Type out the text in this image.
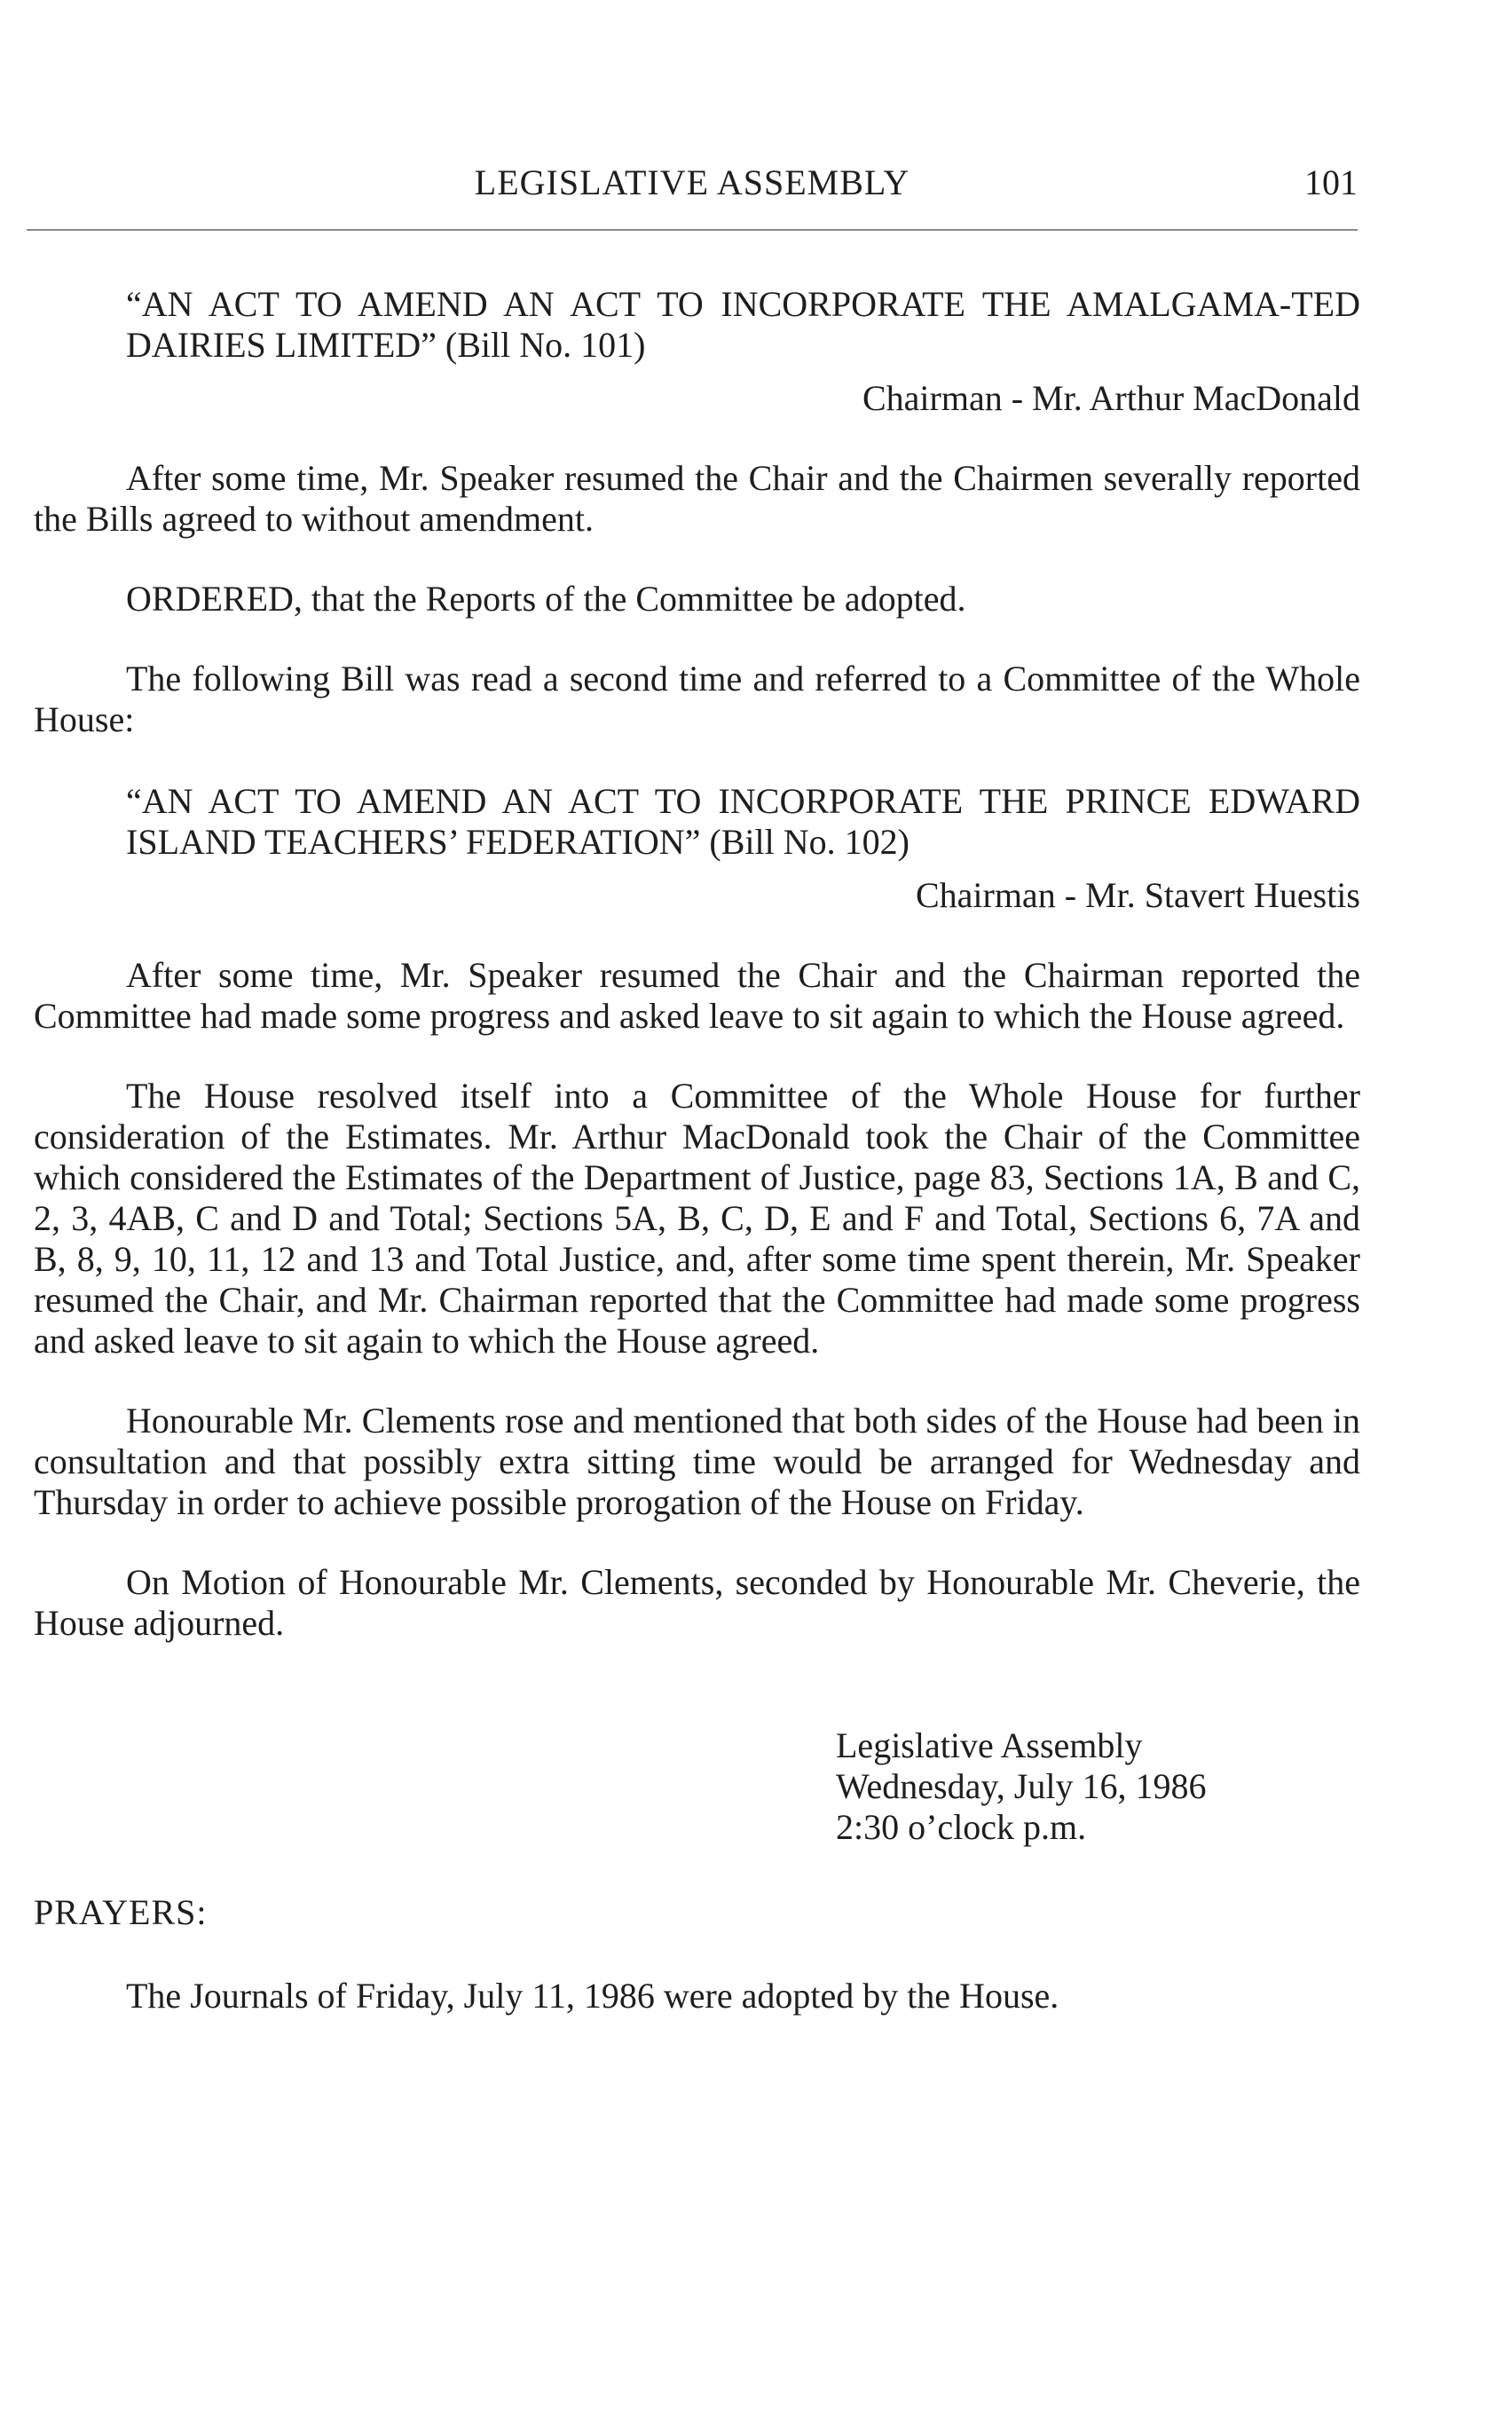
LEGISLATIVE ASSEMBLY	101

“AN ACT TO AMEND AN ACT TO INCORPORATE THE AMALGAMA-TED DAIRIES LIMITED” (Bill No. 101)

Chairman - Mr. Arthur MacDonald

After some time, Mr. Speaker resumed the Chair and the Chairmen severally reported the Bills agreed to without amendment.

ORDERED, that the Reports of the Committee be adopted.

The following Bill was read a second time and referred to a Committee of the Whole House:

“AN ACT TO AMEND AN ACT TO INCORPORATE THE PRINCE EDWARD ISLAND TEACHERS’ FEDERATION” (Bill No. 102)

Chairman - Mr. Stavert Huestis

After some time, Mr. Speaker resumed the Chair and the Chairman reported the Committee had made some progress and asked leave to sit again to which the House agreed.

The House resolved itself into a Committee of the Whole House for further consideration of the Estimates. Mr. Arthur MacDonald took the Chair of the Committee which considered the Estimates of the Department of Justice, page 83, Sections 1A, B and C, 2, 3, 4AB, C and D and Total; Sections 5A, B, C, D, E and F and Total, Sections 6, 7A and B, 8, 9, 10, 11, 12 and 13 and Total Justice, and, after some time spent therein, Mr. Speaker resumed the Chair, and Mr. Chairman reported that the Committee had made some progress and asked leave to sit again to which the House agreed.

Honourable Mr. Clements rose and mentioned that both sides of the House had been in consultation and that possibly extra sitting time would be arranged for Wednesday and Thursday in order to achieve possible prorogation of the House on Friday.

On Motion of Honourable Mr. Clements, seconded by Honourable Mr. Cheverie, the House adjourned.

Legislative Assembly
Wednesday, July 16, 1986
2:30 o’clock p.m.

PRAYERS:

The Journals of Friday, July 11, 1986 were adopted by the House.
